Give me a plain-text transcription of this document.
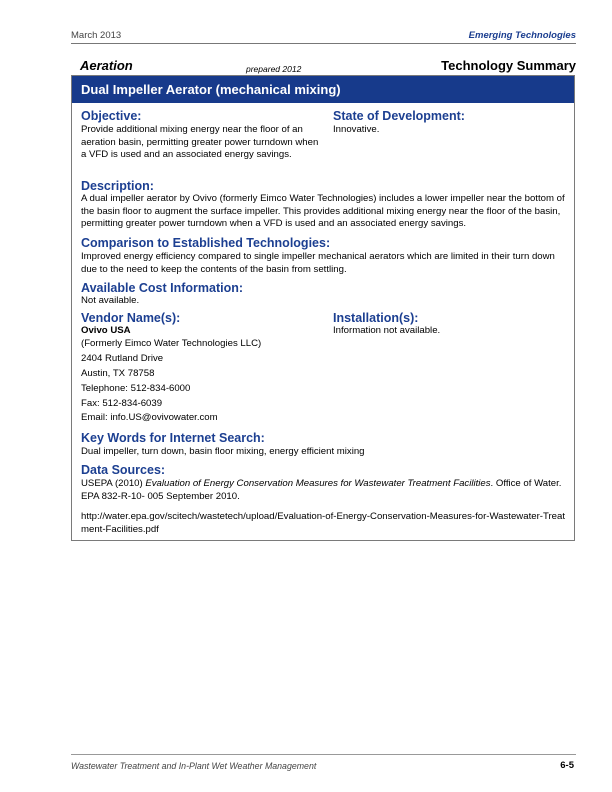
March 2013	Emerging Technologies
Aeration	prepared 2012	Technology Summary
Dual Impeller Aerator (mechanical mixing)
Objective:

Provide additional mixing energy near the floor of an aeration basin, permitting greater power turndown when a VFD is used and an associated energy savings.

State of Development:

Innovative.

Description:

A dual impeller aerator by Ovivo (formerly Eimco Water Technologies) includes a lower impeller near the bottom of the basin floor to augment the surface impeller. This provides additional mixing energy near the floor of the basin, permitting greater power turndown when a VFD is used and an associated energy savings.

Comparison to Established Technologies:

Improved energy efficiency compared to single impeller mechanical aerators which are limited in their turn down due to the need to keep the contents of the basin from settling.

Available Cost Information:

Not available.

Vendor Name(s):

Ovivo USA

(Formerly Eimco Water Technologies LLC)

2404 Rutland Drive

Austin, TX 78758

Telephone: 512-834-6000

Fax: 512-834-6039

Email: info.US@ovivowater.com

Installation(s):

Information not available.

Key Words for Internet Search:

Dual impeller, turn down, basin floor mixing, energy efficient mixing

Data Sources:

USEPA (2010) Evaluation of Energy Conservation Measures for Wastewater Treatment Facilities. Office of Water. EPA 832-R-10- 005 September 2010.

http://water.epa.gov/scitech/wastetech/upload/Evaluation-of-Energy-Conservation-Measures-for-Wastewater-Treatment-Facilities.pdf

Wastewater Treatment and In-Plant Wet Weather Management	6-5
